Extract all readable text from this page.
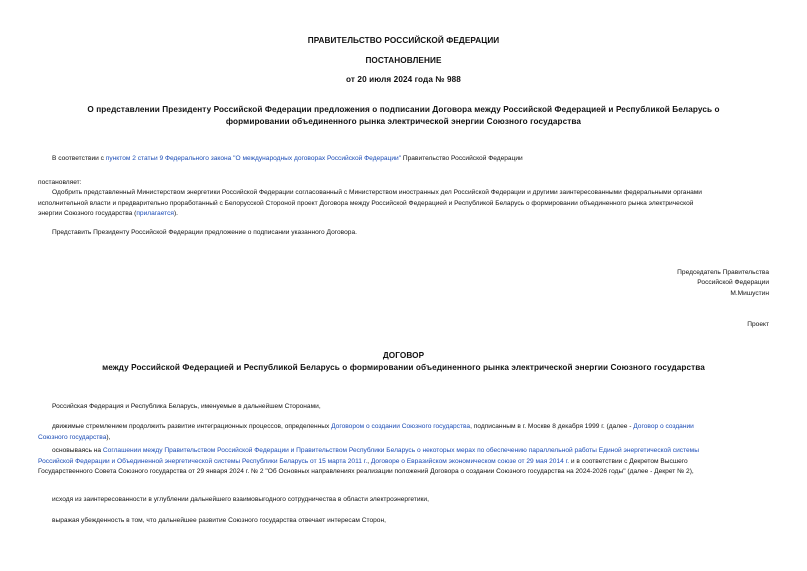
ПРАВИТЕЛЬСТВО РОССИЙСКОЙ ФЕДЕРАЦИИ
ПОСТАНОВЛЕНИЕ
от 20 июля 2024 года № 988
О представлении Президенту Российской Федерации предложения о подписании Договора между Российской Федерацией и Республикой Беларусь о
формировании объединенного рынка электрической энергии Союзного государства
В соответствии с пунктом 2 статьи 9 Федерального закона "О международных договорах Российской Федерации" Правительство Российской Федерации
постановляет:
Одобрить представленный Министерством энергетики Российской Федерации согласованный с Министерством иностранных дел Российской Федерации и другими заинтересованными федеральными органами
исполнительной власти и предварительно проработанный с Белорусской Стороной проект Договора между Российской Федерацией и Республикой Беларусь о формировании объединенного рынка электрической
энергии Союзного государства (прилагается).
Представить Президенту Российской Федерации предложение о подписании указанного Договора.
Председатель Правительства
Российской Федерации
М.Мишустин
Проект
ДОГОВОР
между Российской Федерацией и Республикой Беларусь о формировании объединенного рынка электрической энергии Союзного государства
Российская Федерация и Республика Беларусь, именуемые в дальнейшем Сторонами,
движимые стремлением продолжить развитие интеграционных процессов, определенных Договором о создании Союзного государства, подписанным в г. Москве 8 декабря 1999 г. (далее - Договор о создании
Союзного государства),
основываясь на Соглашении между Правительством Российской Федерации и Правительством Республики Беларусь о некоторых мерах по обеспечению параллельной работы Единой энергетической системы
Российской Федерации и Объединенной энергетической системы Республики Беларусь от 15 марта 2011 г., Договоре о Евразийском экономическом союзе от 29 мая 2014 г. и в соответствии с Декретом Высшего
Государственного Совета Союзного государства от 29 января 2024 г. № 2 "Об Основных направлениях реализации положений Договора о создании Союзного государства на 2024-2026 годы" (далее - Декрет № 2),
исходя из заинтересованности в углублении дальнейшего взаимовыгодного сотрудничества в области электроэнергетики,
выражая убежденность в том, что дальнейшее развитие Союзного государства отвечает интересам Сторон,
